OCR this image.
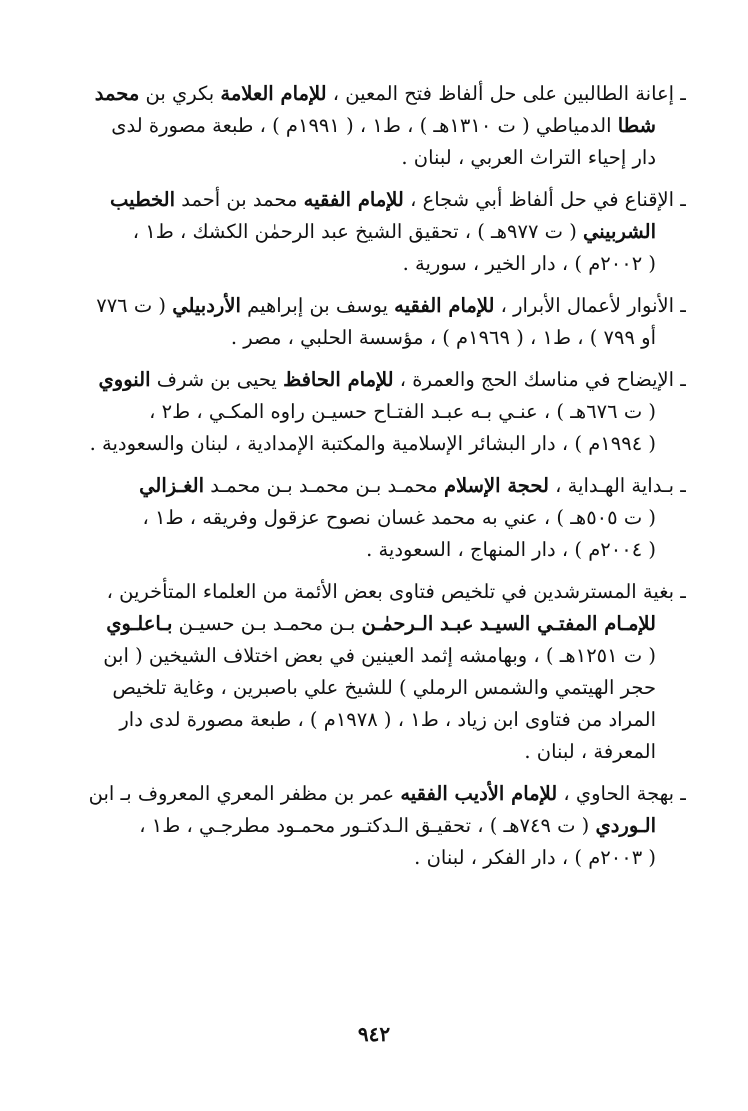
ـ إعانة الطالبين على حل ألفاظ فتح المعين ، للإمام العلامة بكري بن محمد
شطا الدمياطي ( ت ١٣١٠هـ ) ، ط١ ، ( ١٩٩١م ) ، طبعة مصورة لدى
دار إحياء التراث العربي ، لبنان .
ـ الإقناع في حل ألفاظ أبي شجاع ، للإمام الفقيه محمد بن أحمد الخطيب
الشربيني ( ت ٩٧٧هـ ) ، تحقيق الشيخ عبد الرحمٰن الكشك ، ط١ ،
( ٢٠٠٢م ) ، دار الخير ، سورية .
ـ الأنوار لأعمال الأبرار ، للإمام الفقيه يوسف بن إبراهيم الأردبيلي ( ت ٧٧٦
أو ٧٩٩ ) ، ط١ ، ( ١٩٦٩م ) ، مؤسسة الحلبي ، مصر .
ـ الإيضاح في مناسك الحج والعمرة ، للإمام الحافظ يحيى بن شرف النووي
( ت ٦٧٦هـ ) ، عنـي بـه عبـد الفتـاح حسيـن راوه المكـي ، ط٢ ،
( ١٩٩٤م ) ، دار البشائر الإسلامية والمكتبة الإمدادية ، لبنان والسعودية .
ـ بـداية الهـداية ، لحجة الإسلام محمـد بـن محمـد بـن محمـد الغـزالي
( ت ٥٠٥هـ ) ، عني به محمد غسان نصوح عزقول وفريقه ، ط١ ،
( ٢٠٠٤م ) ، دار المنهاج ، السعودية .
ـ بغية المسترشدين في تلخيص فتاوى بعض الأئمة من العلماء المتأخرين ،
للإمـام المفتـي السيـد عبـد الـرحمٰـن بـن محمـد بـن حسيـن بـاعلـوي
( ت ١٢٥١هـ ) ، وبهامشه إثمد العينين في بعض اختلاف الشيخين ( ابن
حجر الهيتمي والشمس الرملي ) للشيخ علي باصبرين ، وغاية تلخيص
المراد من فتاوى ابن زياد ، ط١ ، ( ١٩٧٨م ) ، طبعة مصورة لدى دار
المعرفة ، لبنان .
ـ بهجة الحاوي ، للإمام الأديب الفقيه عمر بن مظفر المعري المعروف بـ ابن
الـوردي ( ت ٧٤٩هـ ) ، تحقيـق الـدكتـور محمـود مطرجـي ، ط١ ،
( ٢٠٠٣م ) ، دار الفكر ، لبنان .
٩٤٢
